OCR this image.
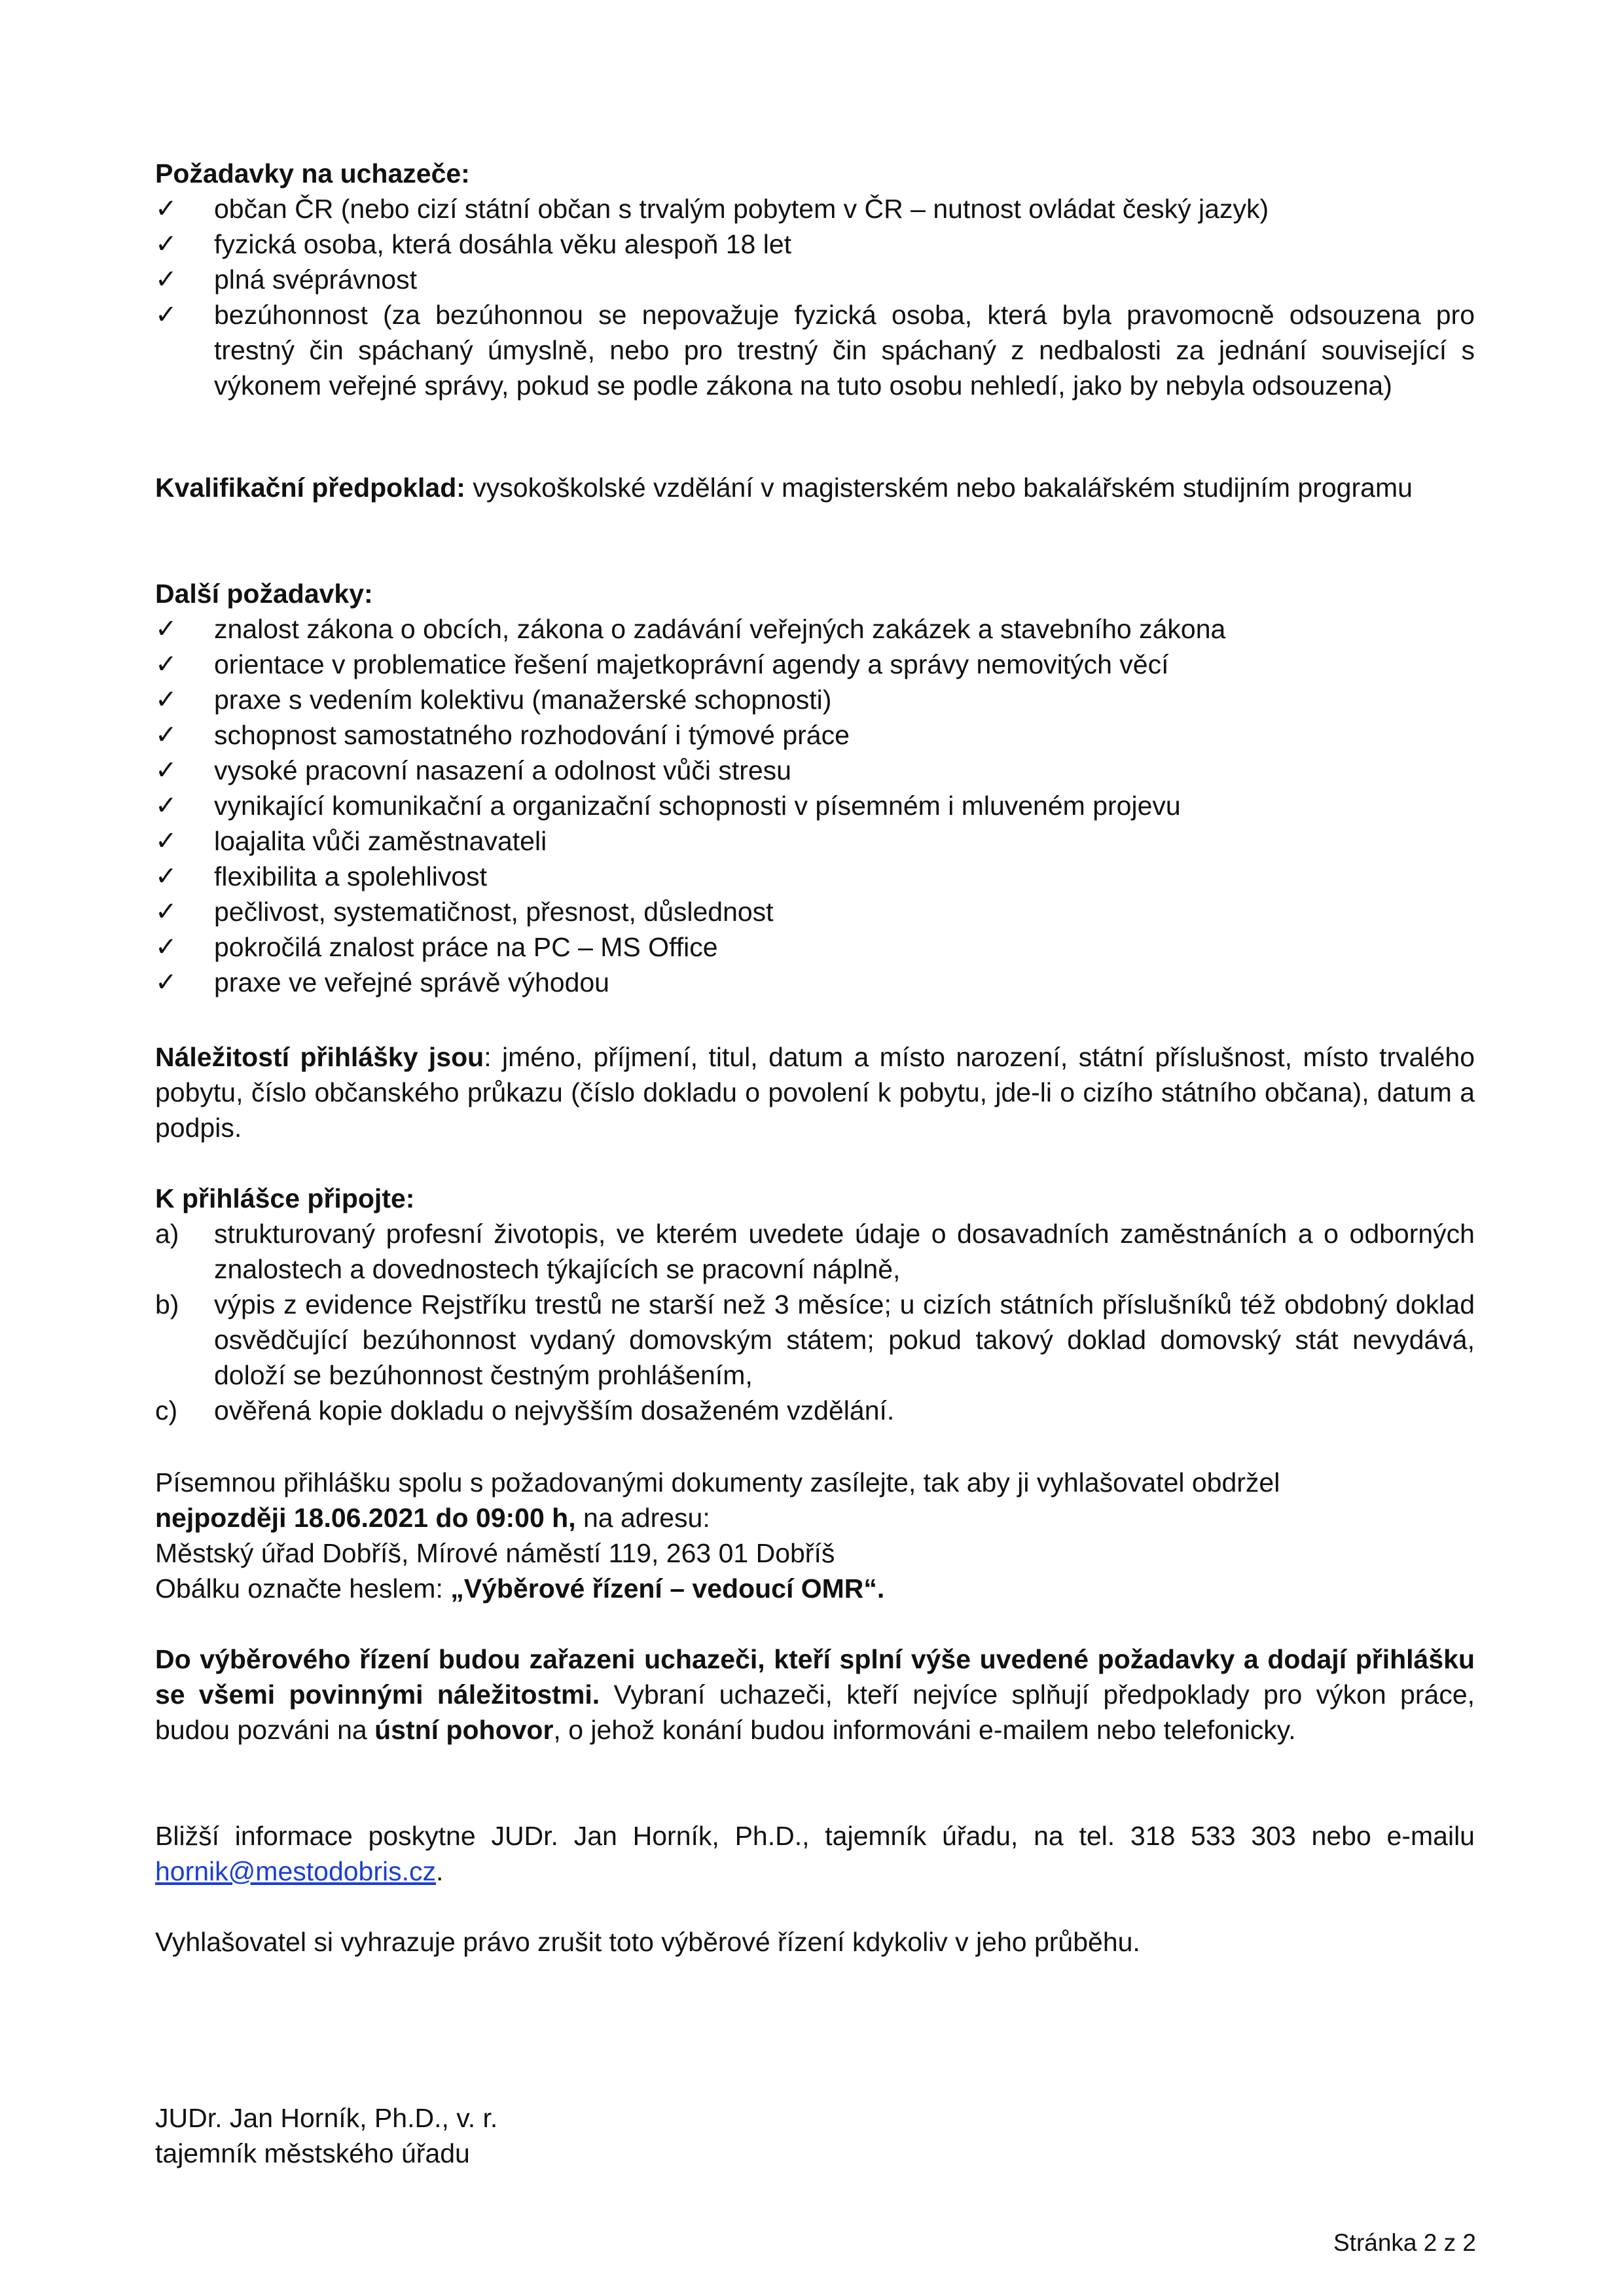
Požadavky na uchazeče:
✓	občan ČR (nebo cizí státní občan s trvalým pobytem v ČR – nutnost ovládat český jazyk)
✓	fyzická osoba, která dosáhla věku alespoň 18 let
✓	plná svéprávnost
✓	bezúhonnost (za bezúhonnou se nepovažuje fyzická osoba, která byla pravomocně odsouzena pro trestný čin spáchaný úmyslně, nebo pro trestný čin spáchaný z nedbalosti za jednání související s výkonem veřejné správy, pokud se podle zákona na tuto osobu nehledí, jako by nebyla odsouzena)
Kvalifikační předpoklad: vysokoškolské vzdělání v magisterském nebo bakalářském studijním programu
Další požadavky:
✓	znalost zákona o obcích, zákona o zadávání veřejných zakázek a stavebního zákona
✓	orientace v problematice řešení majetkoprávní agendy a správy nemovitých věcí
✓	praxe s vedením kolektivu (manažerské schopnosti)
✓	schopnost samostatného rozhodování i týmové práce
✓	vysoké pracovní nasazení a odolnost vůči stresu
✓	vynikající komunikační a organizační schopnosti v písemném i mluveném projevu
✓	loajalita vůči zaměstnavateli
✓	flexibilita a spolehlivost
✓	pečlivost, systematičnost, přesnost, důslednost
✓	pokročilá znalost práce na PC – MS Office
✓	praxe ve veřejné správě výhodou
Náležitostí přihlášky jsou: jméno, příjmení, titul, datum a místo narození, státní příslušnost, místo trvalého pobytu, číslo občanského průkazu (číslo dokladu o povolení k pobytu, jde-li o cizího státního občana), datum a podpis.
K přihlášce připojte:
a)	strukturovaný profesní životopis, ve kterém uvedete údaje o dosavadních zaměstnáních a o odborných znalostech a dovednostech týkajících se pracovní náplně,
b)	výpis z evidence Rejstříku trestů ne starší než 3 měsíce; u cizích státních příslušníků též obdobný doklad osvědčující bezúhonnost vydaný domovským státem; pokud takový doklad domovský stát nevydává, doloží se bezúhonnost čestným prohlášením,
c)	ověřená kopie dokladu o nejvyšším dosaženém vzdělání.
Písemnou přihlášku spolu s požadovanými dokumenty zasílejte, tak aby ji vyhlašovatel obdržel
nejpozději 18.06.2021 do 09:00 h, na adresu:
Městský úřad Dobříš, Mírové náměstí 119, 263 01 Dobříš
Obálku označte heslem: „Výběrové řízení – vedoucí OMR“.
Do výběrového řízení budou zařazeni uchazeči, kteří splní výše uvedené požadavky a dodají přihlášku se všemi povinnými náležitostmi. Vybraní uchazeči, kteří nejvíce splňují předpoklady pro výkon práce, budou pozváni na ústní pohovor, o jehož konání budou informováni e-mailem nebo telefonicky.
Bližší informace poskytne JUDr. Jan Horník, Ph.D., tajemník úřadu, na tel. 318 533 303 nebo e-mailu hornik@mestodobris.cz.
Vyhlašovatel si vyhrazuje právo zrušit toto výběrové řízení kdykoliv v jeho průběhu.
JUDr. Jan Horník, Ph.D., v. r.
tajemník městského úřadu
Stránka 2 z 2
